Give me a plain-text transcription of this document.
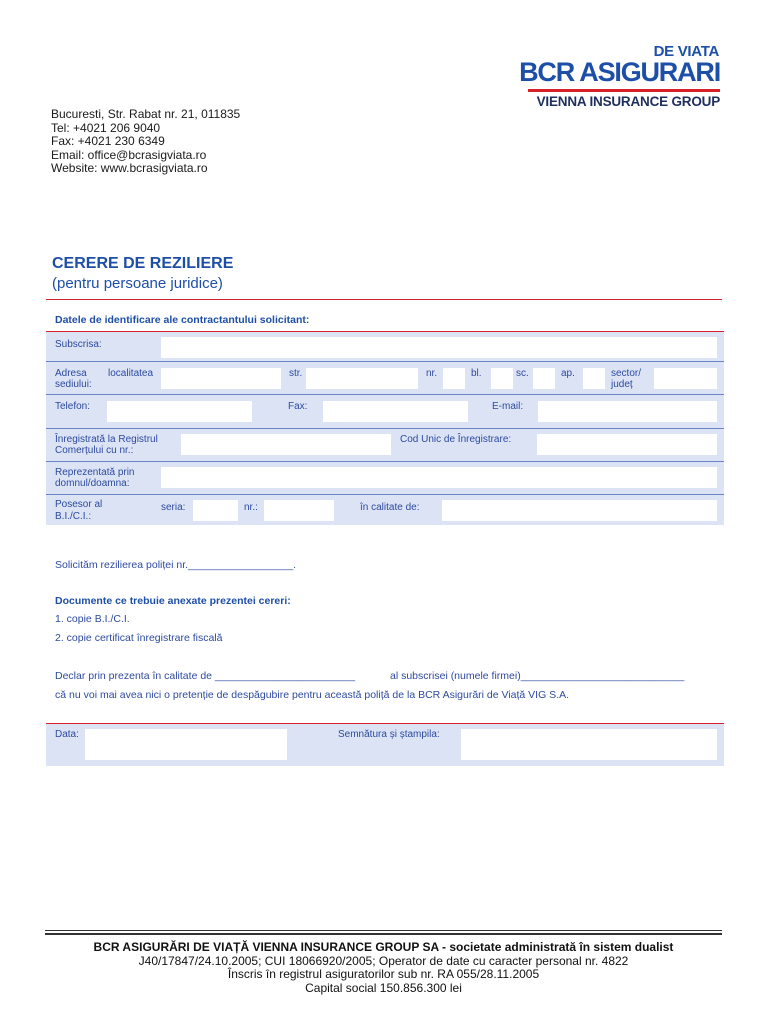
DE VIATA
BCR ASIGURARI
VIENNA INSURANCE GROUP
Bucuresti, Str. Rabat nr. 21, 011835
Tel: +4021 206 9040
Fax: +4021 230 6349
Email: office@bcrasigviata.ro
Website: www.bcrasigviata.ro
CERERE DE REZILIERE
(pentru persoane juridice)
Datele de identificare ale contractantului solicitant:
Subscrisa:
Adresa
sediului:
localitatea	str.	nr.	bl.	sc.	ap.	sector/
județ
Telefon:	Fax:	E-mail:
Înregistrată la Registrul
Comerțului cu nr.:
Cod Unic de Înregistrare:
Reprezentată prin
domnul/doamna:
Posesor al
B.I./C.I.:
seria:	nr.:	în calitate de:
Solicităm rezilierea poliței nr.__________________.
Documente ce trebuie anexate prezentei cereri:
1. copie B.I./C.I.
2. copie certificat înregistrare fiscală
Declar prin prezenta în calitate de ________________________	al subscrisei (numele firmei)____________________________
că nu voi mai avea nici o pretenție de despăgubire pentru această poliță de la BCR Asigurări de Viață VIG S.A.
Data:	Semnătura și ștampila:
BCR ASIGURĂRI DE VIAȚĂ VIENNA INSURANCE GROUP SA - societate administrată în sistem dualist
J40/17847/24.10.2005; CUI 18066920/2005; Operator de date cu caracter personal nr. 4822
Înscris în registrul asiguratorilor sub nr. RA 055/28.11.2005
Capital social 150.856.300 lei
